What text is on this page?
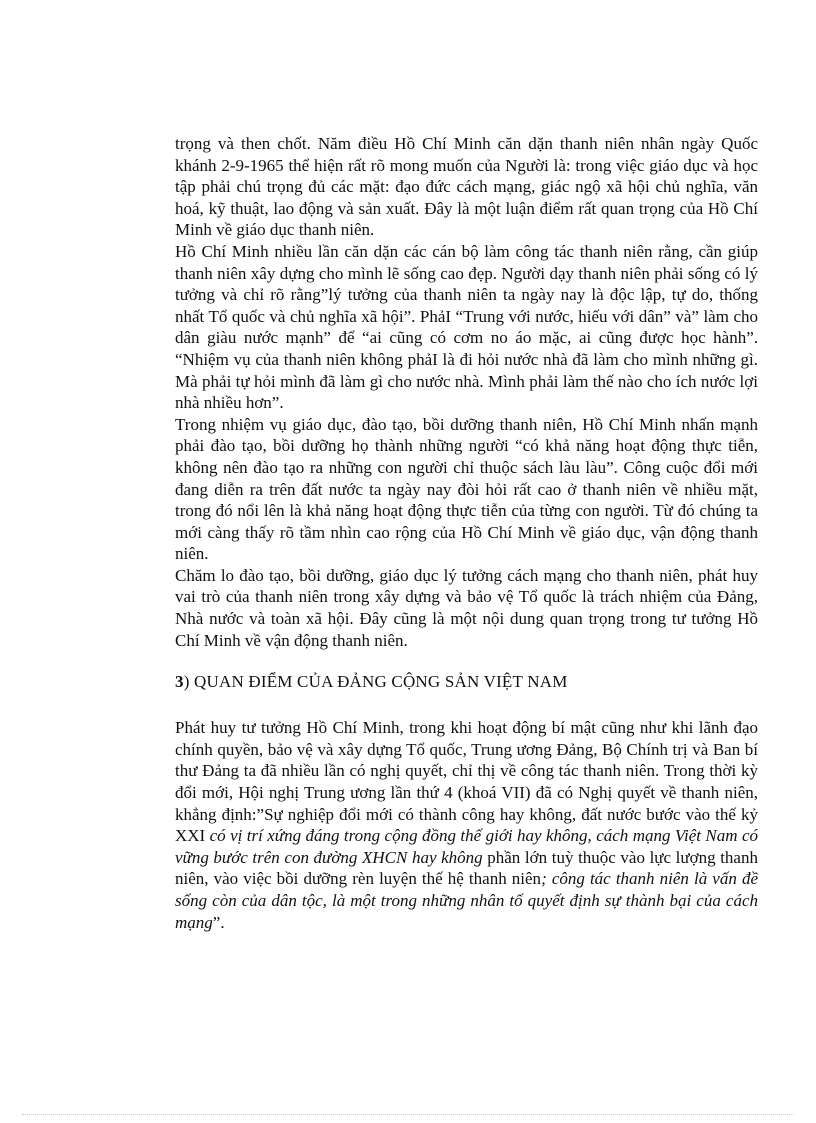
trọng và then chốt. Năm điều Hồ Chí Minh căn dặn thanh niên nhân ngày Quốc khánh 2-9-1965 thể hiện rất rõ mong muốn của Người là: trong việc giáo dục và học tập phải chú trọng đủ các mặt: đạo đức cách mạng, giác ngộ xã hội chủ nghĩa, văn hoá, kỹ thuật, lao động và sản xuất. Đây là một luận điểm rất quan trọng của Hồ Chí Minh về giáo dục thanh niên.

Hồ Chí Minh nhiều lần căn dặn các cán bộ làm công tác thanh niên rằng, cần giúp thanh niên xây dựng cho mình lẽ sống cao đẹp. Người dạy thanh niên phải sống có lý tưởng và chỉ rõ rằng”lý tưởng của thanh niên ta ngày nay là độc lập, tự do, thống nhất Tổ quốc và chủ nghĩa xã hội”. PhảI “Trung với nước, hiếu với dân” và” làm cho dân giàu nước mạnh” để “ai cũng có cơm no áo mặc, ai cũng được học hành”. “Nhiệm vụ của thanh niên không phảI là đi hỏi nước nhà đã làm cho mình những gì. Mà phải tự hỏi mình đã làm gì cho nước nhà. Mình phải làm thế nào cho ích nước lợi nhà nhiều hơn”.

Trong nhiệm vụ giáo dục, đào tạo, bồi dưỡng thanh niên, Hồ Chí Minh nhấn mạnh phải đào tạo, bồi dưỡng họ thành những người “có khả năng hoạt động thực tiễn, không nên đào tạo ra những con người chỉ thuộc sách làu làu”. Công cuộc đổi mới đang diễn ra trên đất nước ta ngày nay đòi hỏi rất cao ở thanh niên về nhiều mặt, trong đó nổi lên là khả năng hoạt động thực tiễn của từng con người. Từ đó chúng ta mới càng thấy rõ tầm nhìn cao rộng của Hồ Chí Minh về giáo dục, vận động thanh niên.

Chăm lo đào tạo, bồi dưỡng, giáo dục lý tưởng cách mạng cho thanh niên, phát huy vai trò của thanh niên trong xây dựng và bảo vệ Tổ quốc là trách nhiệm của Đảng, Nhà nước và toàn xã hội. Đây cũng là một nội dung quan trọng trong tư tưởng Hồ Chí Minh về vận động thanh niên.

3) QUAN ĐIỂM CỦA ĐẢNG CỘNG SẢN VIỆT NAM

Phát huy tư tưởng Hồ Chí Minh, trong khi hoạt động bí mật cũng như khi lãnh đạo chính quyền, bảo vệ và xây dựng Tổ quốc, Trung ương Đảng, Bộ Chính trị và Ban bí thư Đảng ta đã nhiều lần có nghị quyết, chỉ thị về công tác thanh niên. Trong thời kỳ đổi mới, Hội nghị Trung ương lần thứ 4 (khoá VII) đã có Nghị quyết về thanh niên, khẳng định:”Sự nghiệp đổi mới có thành công hay không, đất nước bước vào thế kỷ XXI có vị trí xứng đáng trong cộng đồng thế giới hay không, cách mạng Việt Nam có vững bước trên con đường XHCN hay không phần lớn tuỳ thuộc vào lực lượng thanh niên, vào việc bồi dưỡng rèn luyện thế hệ thanh niên; công tác thanh niên là vấn đề sống còn của dân tộc, là một trong những nhân tố quyết định sự thành bại của cách mạng”.
